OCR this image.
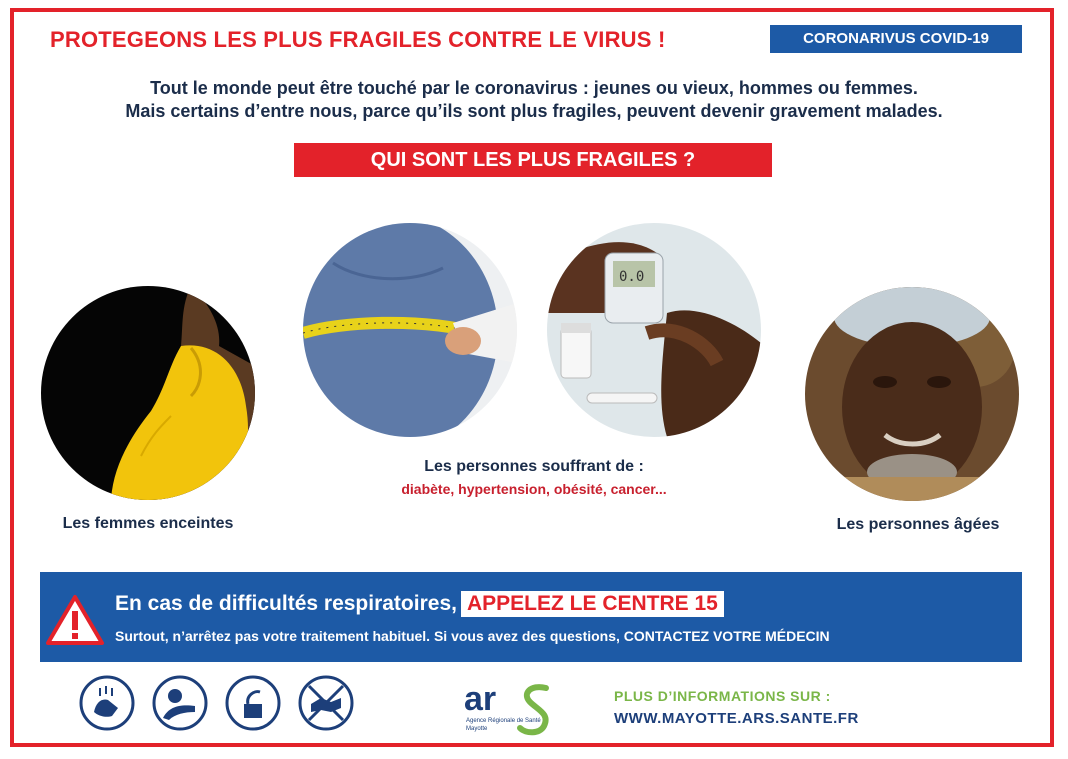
PROTEGEONS LES PLUS FRAGILES CONTRE LE VIRUS !	CORONARIVUS COVID-19
Tout le monde peut être touché par le coronavirus : jeunes ou vieux, hommes ou femmes.
Mais certains d’entre nous, parce qu’ils sont plus fragiles, peuvent devenir gravement malades.
QUI SONT LES PLUS FRAGILES ?
0.0
Les femmes enceintes
Les personnes souffrant de :
diabète, hypertension, obésité, cancer...
Les personnes âgées
En cas de difficultés respiratoires, APPELEZ LE CENTRE 15
Surtout, n’arrêtez pas votre traitement habituel. Si vous avez des questions, CONTACTEZ VOTRE MÉDECIN
ar
Agence Régionale de Santé
Mayotte
PLUS D’INFORMATIONS SUR :
WWW.MAYOTTE.ARS.SANTE.FR
